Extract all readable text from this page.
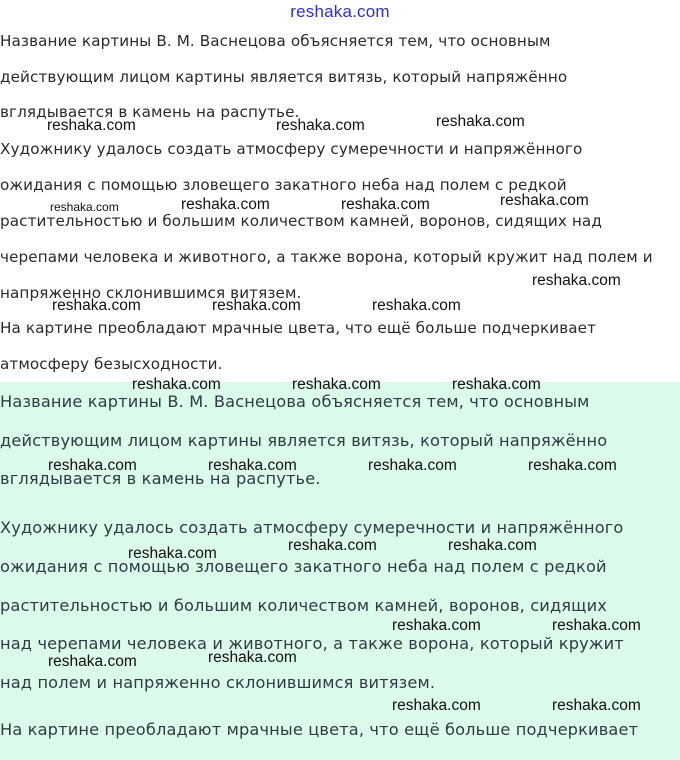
reshaka.com
Название картины В. М. Васнецова объясняется тем, что основным
действующим лицом картины является витязь, который напряжённо
вглядывается в камень на распутье.
Художнику удалось создать атмосферу сумеречности и напряжённого
ожидания с помощью зловещего закатного неба над полем с редкой
растительностью и большим количеством камней, воронов, сидящих над
черепами человека и животного, а также ворона, который кружит над полем и
напряженно склонившимся витязем.
На картине преобладают мрачные цвета, что ещё больше подчеркивает
атмосферу безысходности.
Название картины В. М. Васнецова объясняется тем, что основным
действующим лицом картины является витязь, который напряжённо
вглядывается в камень на распутье.
Художнику удалось создать атмосферу сумеречности и напряжённого
ожидания с помощью зловещего закатного неба над полем с редкой
растительностью и большим количеством камней, воронов, сидящих
над черепами человека и животного, а также ворона, который кружит
над полем и напряженно склонившимся витязем.
На картине преобладают мрачные цвета, что ещё больше подчеркивает
reshaka.com	reshaka.com	reshaka.com
reshaka.com	reshaka.com	reshaka.com	reshaka.com
reshaka.com
reshaka.com	reshaka.com	reshaka.com
reshaka.com	reshaka.com	reshaka.com
reshaka.com	reshaka.com	reshaka.com	reshaka.com
reshaka.com	reshaka.com	reshaka.com
reshaka.com	reshaka.com
reshaka.com	reshaka.com
reshaka.com	reshaka.com
